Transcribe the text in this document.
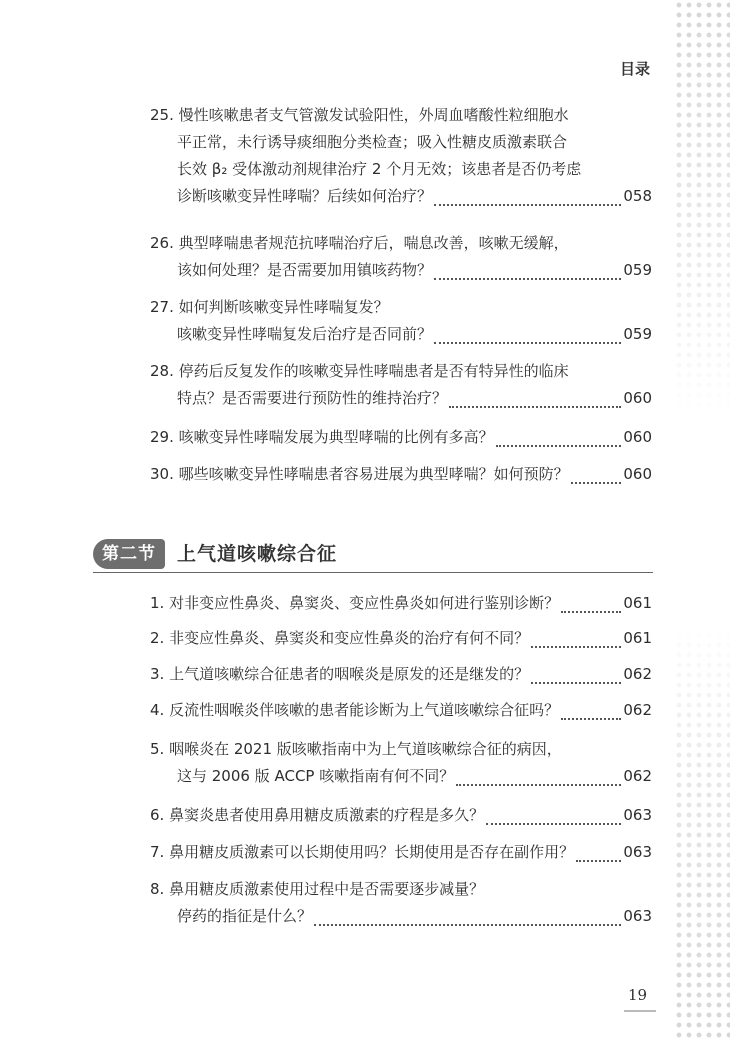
目录
25. 慢性咳嗽患者支气管激发试验阳性，外周血嗜酸性粒细胞水
平正常，未行诱导痰细胞分类检查；吸入性糖皮质激素联合
长效 β₂ 受体激动剂规律治疗 2 个月无效；该患者是否仍考虑
诊断咳嗽变异性哮喘？后续如何治疗？	058
26. 典型哮喘患者规范抗哮喘治疗后，喘息改善，咳嗽无缓解，
该如何处理？是否需要加用镇咳药物？	059
27. 如何判断咳嗽变异性哮喘复发？
咳嗽变异性哮喘复发后治疗是否同前？	059
28. 停药后反复发作的咳嗽变异性哮喘患者是否有特异性的临床
特点？是否需要进行预防性的维持治疗？	060
29. 咳嗽变异性哮喘发展为典型哮喘的比例有多高？	060
30. 哪些咳嗽变异性哮喘患者容易进展为典型哮喘？如何预防？	060
第二节	上气道咳嗽综合征
1. 对非变应性鼻炎、鼻窦炎、变应性鼻炎如何进行鉴别诊断？	061
2. 非变应性鼻炎、鼻窦炎和变应性鼻炎的治疗有何不同？	061
3. 上气道咳嗽综合征患者的咽喉炎是原发的还是继发的？	062
4. 反流性咽喉炎伴咳嗽的患者能诊断为上气道咳嗽综合征吗？	062
5. 咽喉炎在 2021 版咳嗽指南中为上气道咳嗽综合征的病因，
这与 2006 版 ACCP 咳嗽指南有何不同？	062
6. 鼻窦炎患者使用鼻用糖皮质激素的疗程是多久？	063
7. 鼻用糖皮质激素可以长期使用吗？长期使用是否存在副作用？	063
8. 鼻用糖皮质激素使用过程中是否需要逐步减量？
停药的指征是什么？	063
19
